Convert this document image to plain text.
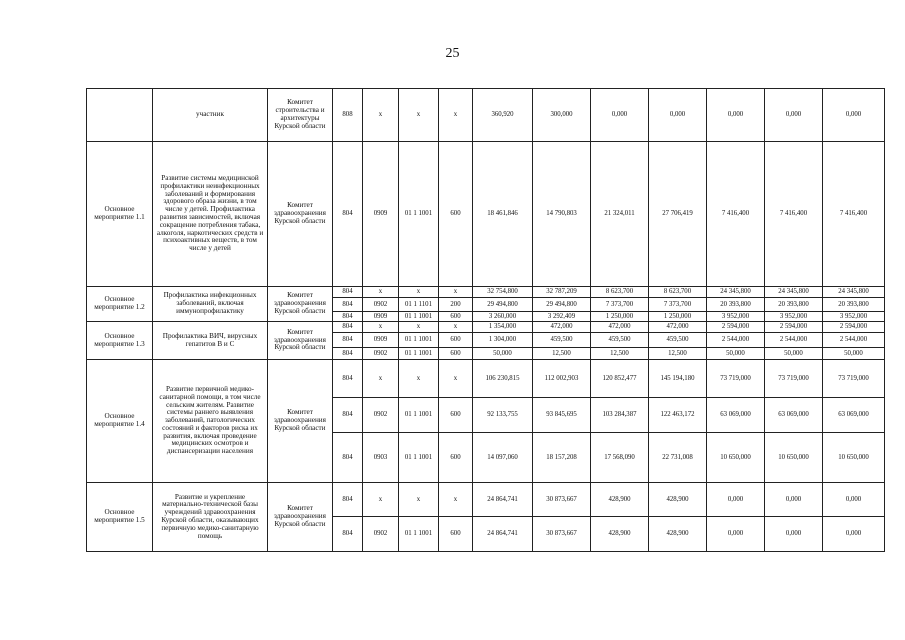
25
	участник	Комитет строительства и архитектуры Курской области	808	x	x	x	360,920	300,000	0,000	0,000	0,000	0,000	0,000
Основное мероприятие 1.1	Развитие системы медицинской профилактики неинфекционных заболеваний и формирования здорового образа жизни, в том числе у детей. Профилактика развития зависимостей, включая сокращение потребления табака, алкоголя, наркотических средств и психоактивных веществ, в том числе у детей	Комитет здравоохранения Курской области	804	0909	01 1 1001	600	18 461,846	14 790,803	21 324,011	27 706,419	7 416,400	7 416,400	7 416,400
Основное мероприятие 1.2	Профилактика инфекционных заболеваний, включая иммунопрофилактику	Комитет здравоохранения Курской области	804	x	x	x	32 754,800	32 787,209	8 623,700	8 623,700	24 345,800	24 345,800	24 345,800
			804	0902	01 1 1101	200	29 494,800	29 494,800	7 373,700	7 373,700	20 393,800	20 393,800	20 393,800
			804	0909	01 1 1001	600	3 260,000	3 292,409	1 250,000	1 250,000	3 952,000	3 952,000	3 952,000
Основное мероприятие 1.3	Профилактика ВИЧ, вирусных гепатитов В и С	Комитет здравоохранения Курской области	804	x	x	x	1 354,000	472,000	472,000	472,000	2 594,000	2 594,000	2 594,000
			804	0909	01 1 1001	600	1 304,000	459,500	459,500	459,500	2 544,000	2 544,000	2 544,000
			804	0902	01 1 1001	600	50,000	12,500	12,500	12,500	50,000	50,000	50,000
Основное мероприятие 1.4	Развитие первичной медико-санитарной помощи, в том числе сельским жителям. Развитие системы раннего выявления заболеваний, патологических состояний и факторов риска их развития, включая проведение медицинских осмотров и диспансеризации населения	Комитет здравоохранения Курской области	804	x	x	x	106 230,815	112 002,903	120 852,477	145 194,180	73 719,000	73 719,000	73 719,000
			804	0902	01 1 1001	600	92 133,755	93 845,695	103 284,387	122 463,172	63 069,000	63 069,000	63 069,000
			804	0903	01 1 1001	600	14 097,060	18 157,208	17 568,090	22 731,008	10 650,000	10 650,000	10 650,000
Основное мероприятие 1.5	Развитие и укрепление материально-технической базы учреждений здравоохранения Курской области, оказывающих первичную медико-санитарную помощь	Комитет здравоохранения Курской области	804	x	x	x	24 864,741	30 873,667	428,900	428,900	0,000	0,000	0,000
			804	0902	01 1 1001	600	24 864,741	30 873,667	428,900	428,900	0,000	0,000	0,000
